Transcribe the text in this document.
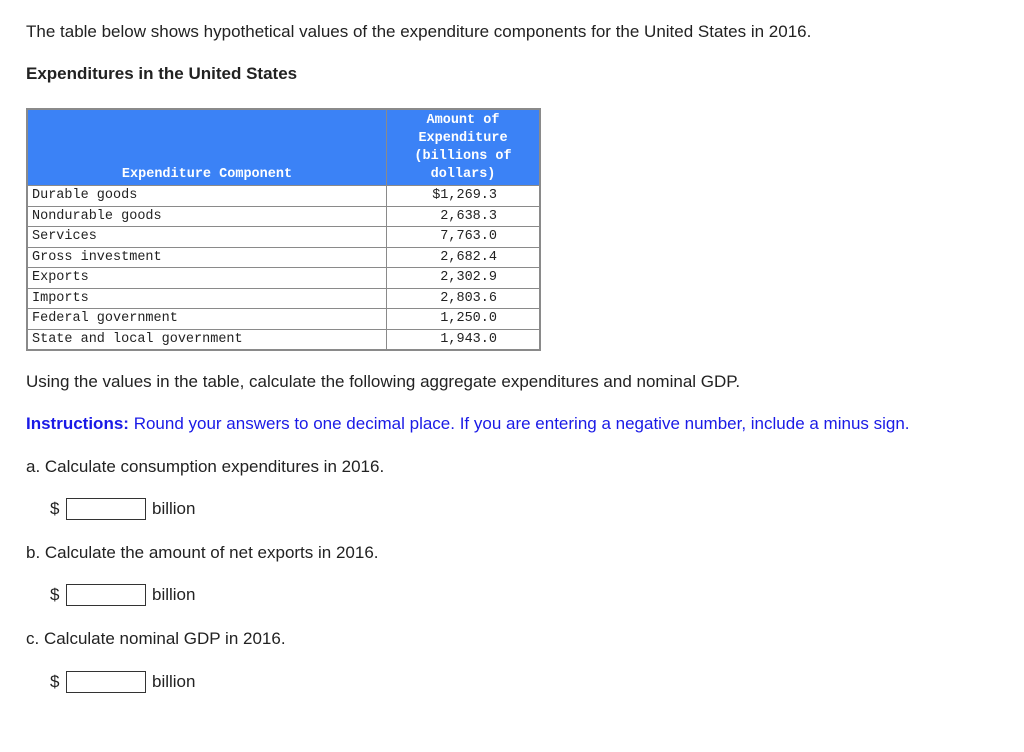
The table below shows hypothetical values of the expenditure components for the United States in 2016.
Expenditures in the United States
Expenditure Component	Amount of
Expenditure
(billions of
dollars)

Durable goods	$1,269.3
Nondurable goods	2,638.3
Services	7,763.0
Gross investment	2,682.4
Exports	2,302.9
Imports	2,803.6
Federal government	1,250.0
State and local government	1,943.0
Using the values in the table, calculate the following aggregate expenditures and nominal GDP.
Instructions: Round your answers to one decimal place. If you are entering a negative number, include a minus sign.
a. Calculate consumption expenditures in 2016.
$	billion
b. Calculate the amount of net exports in 2016.
$	billion
c. Calculate nominal GDP in 2016.
$	billion
